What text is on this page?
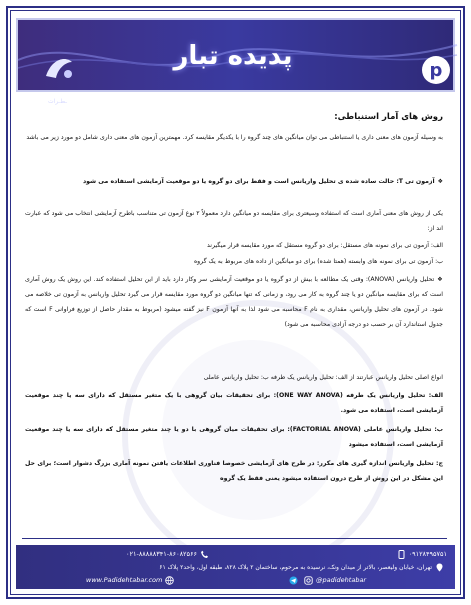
پدیده تبار	p
ـطـرات
روش های آمار استنباطی:
به وسیله آزمون های معنی داری یا استنباطی می توان میانگین های چند گروه را با یکدیگر مقایسه کرد. مهمترین آزمون های معنی داری شامل دو مورد زیر می باشد
❖آزمون تی T: حالت ساده شده ی تحلیل واریانس است و فقط برای دو گروه یا دو موقعیت آزمایشی استفاده می شود
یکی از روش های معنی آماری است که استفاده وسیعتری برای مقایسه دو میانگین دارد معمولاً ۲ نوع آزمون تی متناسب باطرح آزمایشی انتخاب می شود که عبارت اند از:
الف: آزمون تی برای نمونه های مستقل: برای دو گروه مستقل که مورد مقایسه قرار میگیرند
ب: آزمون تی برای نمونه های وابسته (همتا شده) برای دو میانگین از داده های مربوط به یک گروه
❖تحلیل واریانس (ANOVA): وقتی یک مطالعه با بیش از دو گروه یا دو موقعیت آزمایشی سر وکار دارد باید از این تحلیل استفاده کند. این روش یک روش آماری است که برای مقایسه میانگین دو یا چند گروه به کار می رود، و زمانی که تنها میانگین دو گروه مورد مقایسه قرار می گیرد تحلیل واریانس به آزمون تی خلاصه می شود. در آزمون های تحلیل واریانس، مقداری به نام F محاسبه می شود لذا به آنها آزمون F نیز گفته میشود (مربوط به مقدار حاصل از توزیع فراوانی F است که جدول استاندارد آن بر حسب دو درجه آزادی محاسبه می شود)
انواع اصلی تحلیل واریانس عبارتند از الف: تحلیل واریانس یک طرفه ب: تحلیل واریانس عاملی
الف: تحلیل واریانس یک طرفه (ONE WAY ANOVA): برای تحقیقات بیان گروهی با یک متغیر مستقل که دارای سه یا چند موقعیت آزمایشی است، استفاده می شود.
ب: تحلیل واریانس عاملی (FACTORIAL ANOVA): برای تحقیقات میان گروهی با دو یا چند متغیر مستقل که دارای سه یا چند موقعیت آزمایشی است، استفاده میشود
ج: تحلیل واریانس اندازه گیری های مکرر: در طرح های آزمایشی خصوصا فناوری اطلاعات یافتن نمونه آماری بزرگ دشوار است؛ برای حل این مشکل در این روش از طرح درون استفاده میشود یعنی فقط یک گروه
۰۹۱۲۸۴۹۵۷۵۱
۰۲۱-۸۸۸۸۸۳۴۱-۸۶۰۸۲۵۶۶
تهران، خیابان ولیعصر، بالاتر از میدان ونک، نرسیده به مرحوم، ساختمان ۲ پلاک ۸۲۸، طبقه اول، واحد۲ پلاک ۶۱
www.Padidehtabar.com	@padidehtabar
